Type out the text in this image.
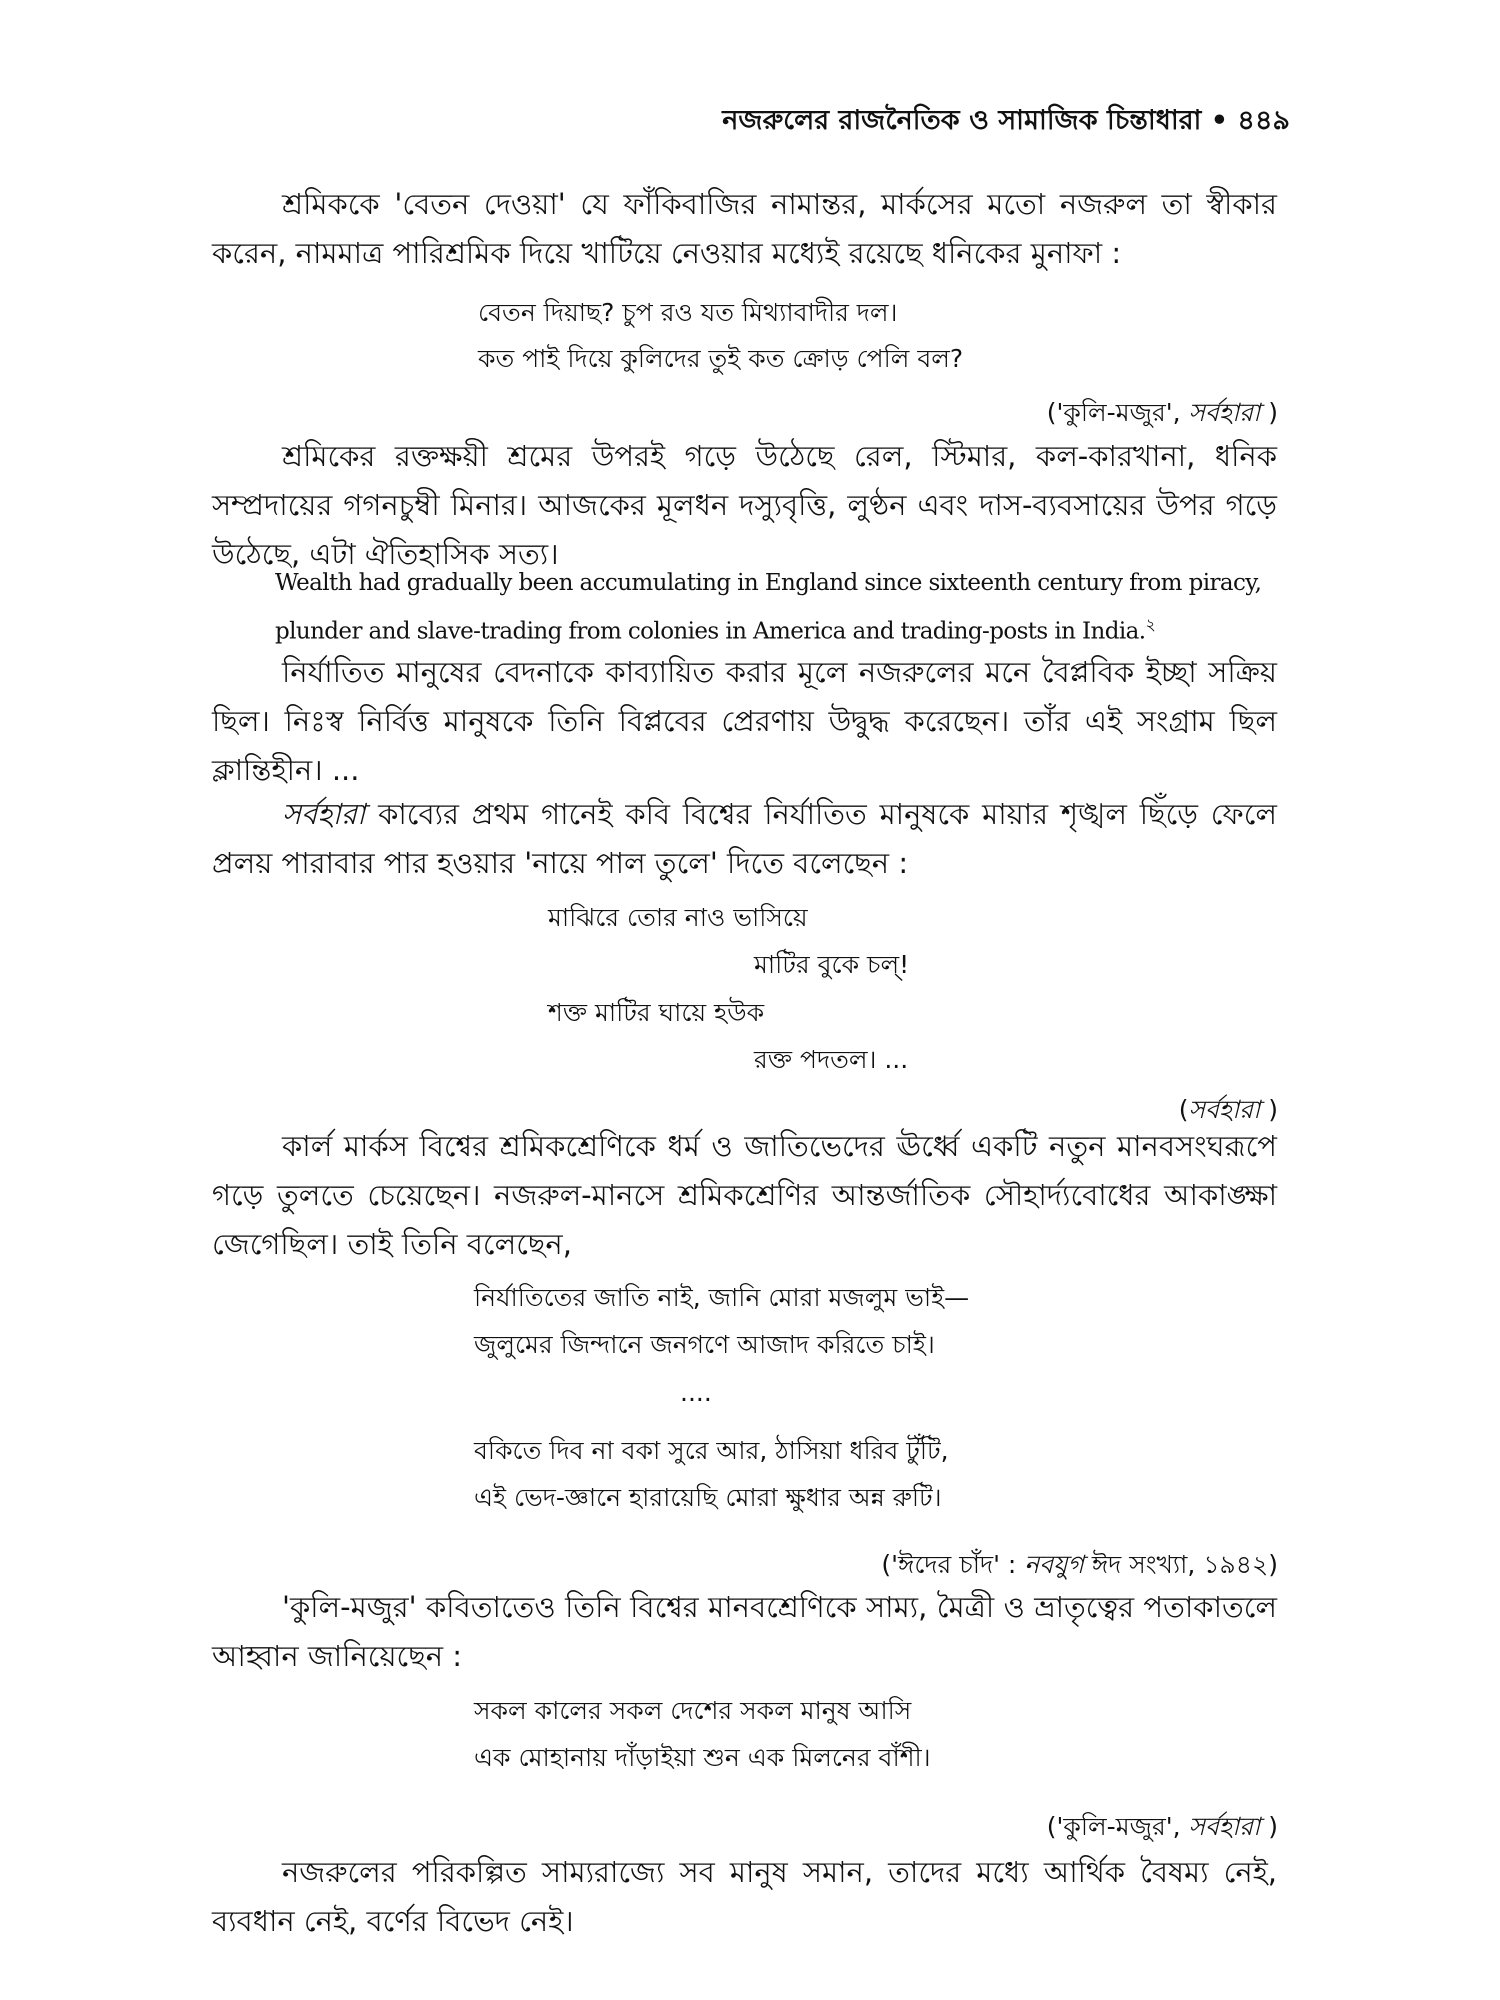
নজরুলের রাজনৈতিক ও সামাজিক চিন্তাধারা • ৪৪৯
শ্রমিককে 'বেতন দেওয়া' যে ফাঁকিবাজির নামান্তর, মার্কসের মতো নজরুল তা স্বীকার করেন, নামমাত্র পারিশ্রমিক দিয়ে খাটিয়ে নেওয়ার মধ্যেই রয়েছে ধনিকের মুনাফা :
বেতন দিয়াছ? চুপ রও যত মিথ্যাবাদীর দল।
কত পাই দিয়ে কুলিদের তুই কত ক্রোড় পেলি বল?
('কুলি-মজুর', সর্বহারা )
শ্রমিকের রক্তক্ষয়ী শ্রমের উপরই গড়ে উঠেছে রেল, স্টিমার, কল-কারখানা, ধনিক সম্প্রদায়ের গগনচুম্বী মিনার। আজকের মূলধন দস্যুবৃত্তি, লুণ্ঠন এবং দাস-ব্যবসায়ের উপর গড়ে উঠেছে, এটা ঐতিহাসিক সত্য।
Wealth had gradually been accumulating in England since sixteenth century from piracy,
plunder and slave-trading from colonies in America and trading-posts in India.$^২$
নির্যাতিত মানুষের বেদনাকে কাব্যায়িত করার মূলে নজরুলের মনে বৈপ্লবিক ইচ্ছা সক্রিয় ছিল। নিঃস্ব নির্বিত্ত মানুষকে তিনি বিপ্লবের প্রেরণায় উদ্বুদ্ধ করেছেন। তাঁর এই সংগ্রাম ছিল ক্লান্তিহীন। ...
সর্বহারা কাব্যের প্রথম গানেই কবি বিশ্বের নির্যাতিত মানুষকে মায়ার শৃঙ্খল ছিঁড়ে ফেলে প্রলয় পারাবার পার হওয়ার 'নায়ে পাল তুলে' দিতে বলেছেন :
মাঝিরে তোর নাও ভাসিয়ে
মাটির বুকে চল্!
শক্ত মাটির ঘায়ে হউক
রক্ত পদতল। ...
(সর্বহারা )
কার্ল মার্কস বিশ্বের শ্রমিকশ্রেণিকে ধর্ম ও জাতিভেদের ঊর্ধ্বে একটি নতুন মানবসংঘরূপে গড়ে তুলতে চেয়েছেন। নজরুল-মানসে শ্রমিকশ্রেণির আন্তর্জাতিক সৌহার্দ্যবোধের আকাঙ্ক্ষা জেগেছিল। তাই তিনি বলেছেন,
নির্যাতিতের জাতি নাই, জানি মোরা মজলুম ভাই—
জুলুমের জিন্দানে জনগণে আজাদ করিতে চাই।
....
বকিতে দিব না বকা সুরে আর, ঠাসিয়া ধরিব টুঁটি,
এই ভেদ-জ্ঞানে হারায়েছি মোরা ক্ষুধার অন্ন রুটি।
('ঈদের চাঁদ' : নবযুগ ঈদ সংখ্যা, ১৯৪২)
'কুলি-মজুর' কবিতাতেও তিনি বিশ্বের মানবশ্রেণিকে সাম্য, মৈত্রী ও ভ্রাতৃত্বের পতাকাতলে আহ্বান জানিয়েছেন :
সকল কালের সকল দেশের সকল মানুষ আসি
এক মোহানায় দাঁড়াইয়া শুন এক মিলনের বাঁশী।
('কুলি-মজুর', সর্বহারা )
নজরুলের পরিকল্পিত সাম্যরাজ্যে সব মানুষ সমান, তাদের মধ্যে আর্থিক বৈষম্য নেই, ব্যবধান নেই, বর্ণের বিভেদ নেই।
